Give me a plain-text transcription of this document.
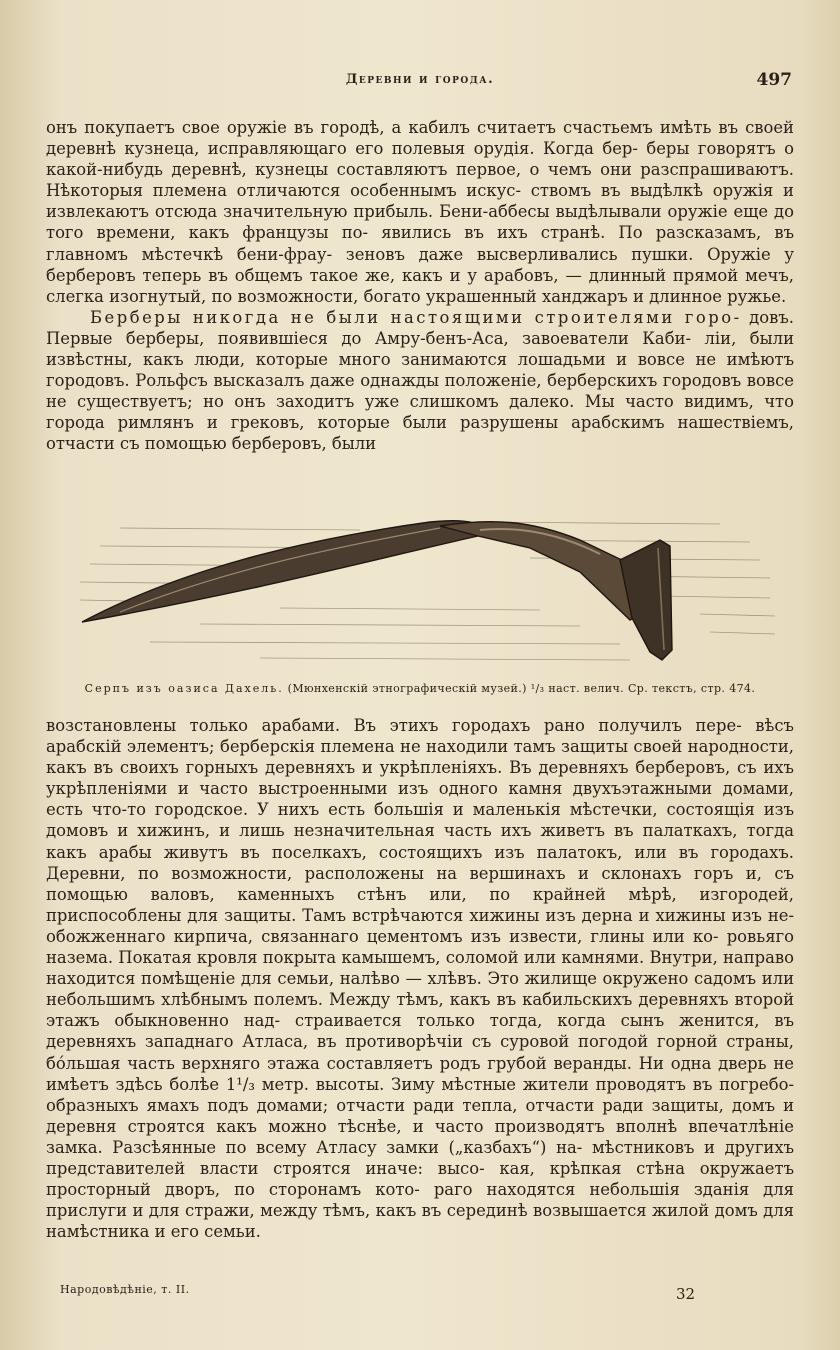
Деревни и города.	497

онъ покупаетъ свое оружіе въ городѣ, а кабилъ считаетъ счастьемъ имѣть въ своей деревнѣ кузнеца, исправляющаго его полевыя орудія. Когда бер- беры говорятъ о какой-нибудь деревнѣ, кузнецы составляютъ первое, о чемъ они разспрашиваютъ. Нѣкоторыя племена отличаются особеннымъ искус- ствомъ въ выдѣлкѣ оружія и извлекаютъ отсюда значительную прибыль. Бени-аббесы выдѣлывали оружіе еще до того времени, какъ французы по- явились въ ихъ странѣ. По разсказамъ, въ главномъ мѣстечкѣ бени-фрау- зеновъ даже высверливались пушки. Оружіе у берберовъ теперь въ общемъ такое же, какъ и у арабовъ, — длинный прямой мечъ, слегка изогнутый, по возможности, богато украшенный ханджаръ и длинное ружье.

Берберы никогда не были настоящими строителями горо- довъ. Первые берберы, появившіеся до Амру-бенъ-Аса, завоеватели Каби- ліи, были извѣстны, какъ люди, которые много занимаются лошадьми и вовсе не имѣютъ городовъ. Рольфсъ высказалъ даже однажды положеніе, берберскихъ городовъ вовсе не существуетъ; но онъ заходитъ уже слишкомъ далеко. Мы часто видимъ, что города римлянъ и грековъ, которые были разрушены арабскимъ нашествіемъ, отчасти съ помощью берберовъ, были

Серпъ изъ оазиса Дахель. (Мюнхенскій этнографическій музей.) ¹/₃ наст. велич. Ср. текстъ, стр. 474.

возстановлены только арабами. Въ этихъ городахъ рано получилъ пере- вѣсъ арабскій элементъ; берберскія племена не находили тамъ защиты своей народности, какъ въ своихъ горныхъ деревняхъ и укрѣпленіяхъ. Въ деревняхъ берберовъ, съ ихъ укрѣпленіями и часто выстроенными изъ одного камня двухъэтажными домами, есть что-то городское. У нихъ есть большія и маленькія мѣстечки, состоящія изъ домовъ и хижинъ, и лишь незначительная часть ихъ живетъ въ палаткахъ, тогда какъ арабы живутъ въ поселкахъ, состоящихъ изъ палатокъ, или въ городахъ. Деревни, по возможности, расположены на вершинахъ и склонахъ горъ и, съ помощью валовъ, каменныхъ стѣнъ или, по крайней мѣрѣ, изгородей, приспособлены для защиты. Тамъ встрѣчаются хижины изъ дерна и хижины изъ не- обожженнаго кирпича, связаннаго цементомъ изъ извести, глины или ко- ровьяго назема. Покатая кровля покрыта камышемъ, соломой или камнями. Внутри, направо находится помѣщеніе для семьи, налѣво — хлѣвъ. Это жилище окружено садомъ или небольшимъ хлѣбнымъ полемъ. Между тѣмъ, какъ въ кабильскихъ деревняхъ второй этажъ обыкновенно над- страивается только тогда, когда сынъ женится, въ деревняхъ западнаго Атласа, въ противорѣчіи съ суровой погодой горной страны, бо́льшая часть верхняго этажа составляетъ родъ грубой веранды. Ни одна дверь не имѣетъ здѣсь болѣе 1¹/₃ метр. высоты. Зиму мѣстные жители проводятъ въ погребо- образныхъ ямахъ подъ домами; отчасти ради тепла, отчасти ради защиты, домъ и деревня строятся какъ можно тѣснѣе, и часто производятъ вполнѣ впечатлѣніе замка. Разсѣянные по всему Атласу замки („казбахъ“) на- мѣстниковъ и другихъ представителей власти строятся иначе: высо- кая, крѣпкая стѣна окружаетъ просторный дворъ, по сторонамъ кото- раго находятся небольшія зданія для прислуги и для стражи, между тѣмъ, какъ въ серединѣ возвышается жилой домъ для намѣстника и его семьи.

Народовѣдѣніе, т. II.	32
